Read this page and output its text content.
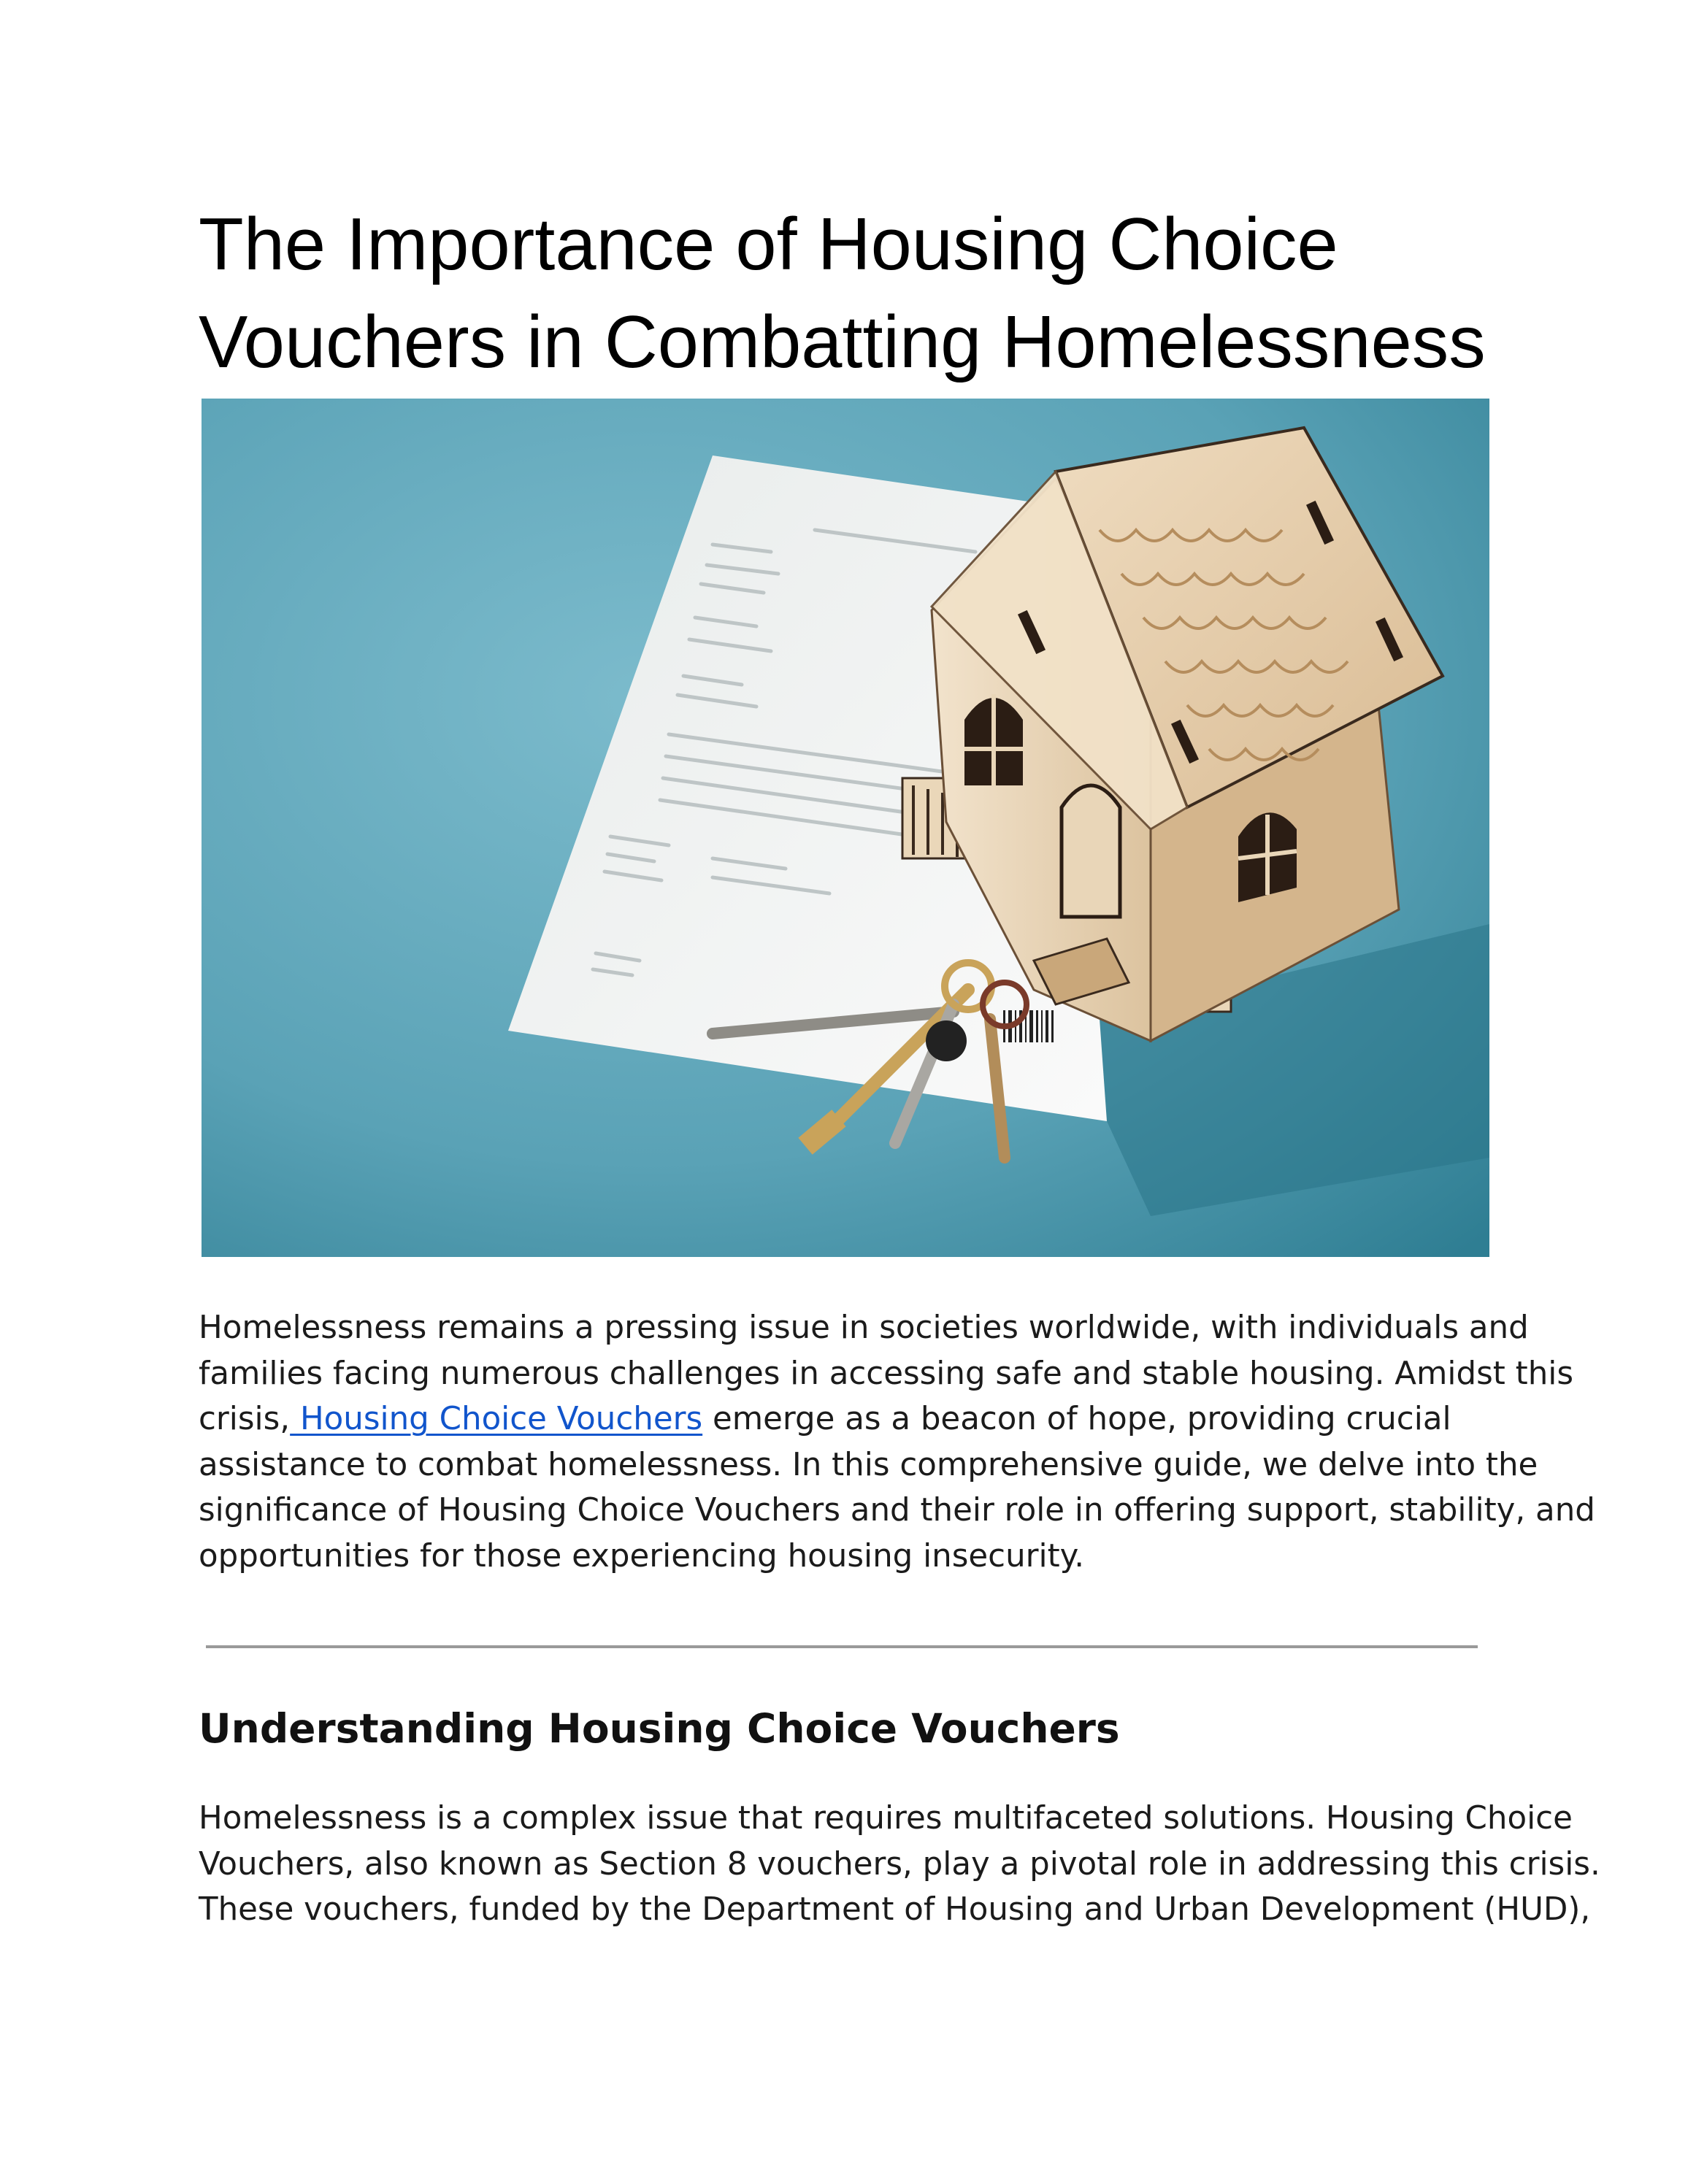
The Importance of Housing Choice
Vouchers in Combatting Homelessness

Homelessness remains a pressing issue in societies worldwide, with individuals and
families facing numerous challenges in accessing safe and stable housing. Amidst this
crisis, Housing Choice Vouchers emerge as a beacon of hope, providing crucial
assistance to combat homelessness. In this comprehensive guide, we delve into the
significance of Housing Choice Vouchers and their role in offering support, stability, and
opportunities for those experiencing housing insecurity.

Understanding Housing Choice Vouchers

Homelessness is a complex issue that requires multifaceted solutions. Housing Choice
Vouchers, also known as Section 8 vouchers, play a pivotal role in addressing this crisis.
These vouchers, funded by the Department of Housing and Urban Development (HUD),
